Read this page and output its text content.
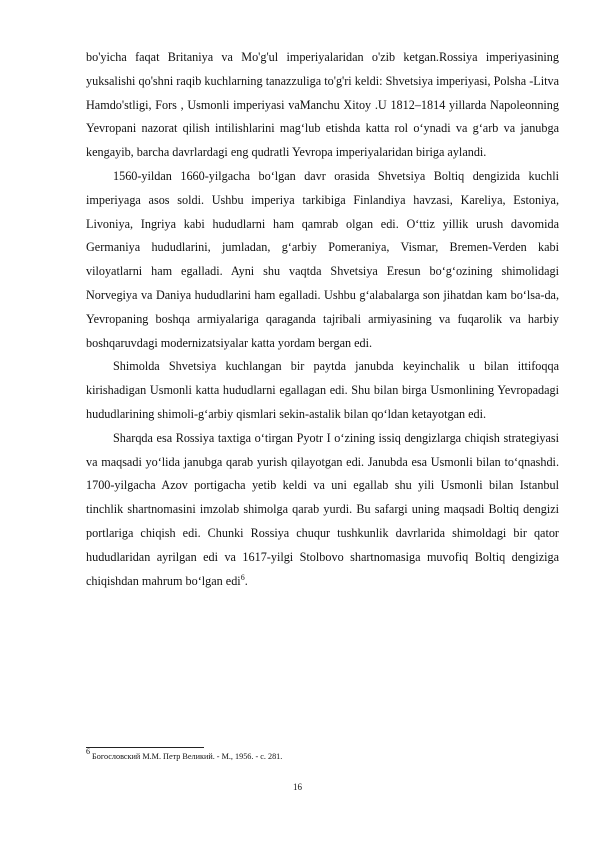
bo'yicha faqat Britaniya va Mo'g'ul imperiyalaridan o'zib ketgan.Rossiya imperiyasining yuksalishi qo'shni raqib kuchlarning tanazzuliga to'g'ri keldi: Shvetsiya imperiyasi, Polsha -Litva Hamdo'stligi, Fors , Usmonli imperiyasi vaManchu Xitoy .U 1812–1814 yillarda Napoleonning Yevropani nazorat qilish intilishlarini mag‘lub etishda katta rol o‘ynadi va g‘arb va janubga kengayib, barcha davrlardagi eng qudratli Yevropa imperiyalaridan biriga aylandi.

1560-yildan 1660-yilgacha bo‘lgan davr orasida Shvetsiya Boltiq dengizida kuchli imperiyaga asos soldi. Ushbu imperiya tarkibiga Finlandiya havzasi, Kareliya, Estoniya, Livoniya, Ingriya kabi hududlarni ham qamrab olgan edi. O‘ttiz yillik urush davomida Germaniya hududlarini, jumladan, g‘arbiy Pomeraniya, Vismar, Bremen-Verden kabi viloyatlarni ham egalladi. Ayni shu vaqtda Shvetsiya Eresun bo‘g‘ozining shimolidagi Norvegiya va Daniya hududlarini ham egalladi. Ushbu g‘alabalarga son jihatdan kam bo‘lsa-da, Yevropaning boshqa armiyalariga qaraganda tajribali armiyasining va fuqarolik va harbiy boshqaruvdagi modernizatsiyalar katta yordam bergan edi.

Shimolda Shvetsiya kuchlangan bir paytda janubda keyinchalik u bilan ittifoqqa kirishadigan Usmonli katta hududlarni egallagan edi. Shu bilan birga Usmonlining Yevropadagi hududlarining shimoli-g‘arbiy qismlari sekin-astalik bilan qo‘ldan ketayotgan edi.

Sharqda esa Rossiya taxtiga o‘tirgan Pyotr I o‘zining issiq dengizlarga chiqish strategiyasi va maqsadi yo‘lida janubga qarab yurish qilayotgan edi. Janubda esa Usmonli bilan to‘qnashdi. 1700-yilgacha Azov portigacha yetib keldi va uni egallab shu yili Usmonli bilan Istanbul tinchlik shartnomasini imzolab shimolga qarab yurdi. Bu safargi uning maqsadi Boltiq dengizi portlariga chiqish edi. Chunki Rossiya chuqur tushkunlik davrlarida shimoldagi bir qator hududlaridan ayrilgan edi va 1617-yilgi Stolbovo shartnomasiga muvofiq Boltiq dengiziga chiqishdan mahrum bo‘lgan edi$^6$.

$^6$ Богословский М.М. Петр Великий. - М., 1956. - с. 281.
16
